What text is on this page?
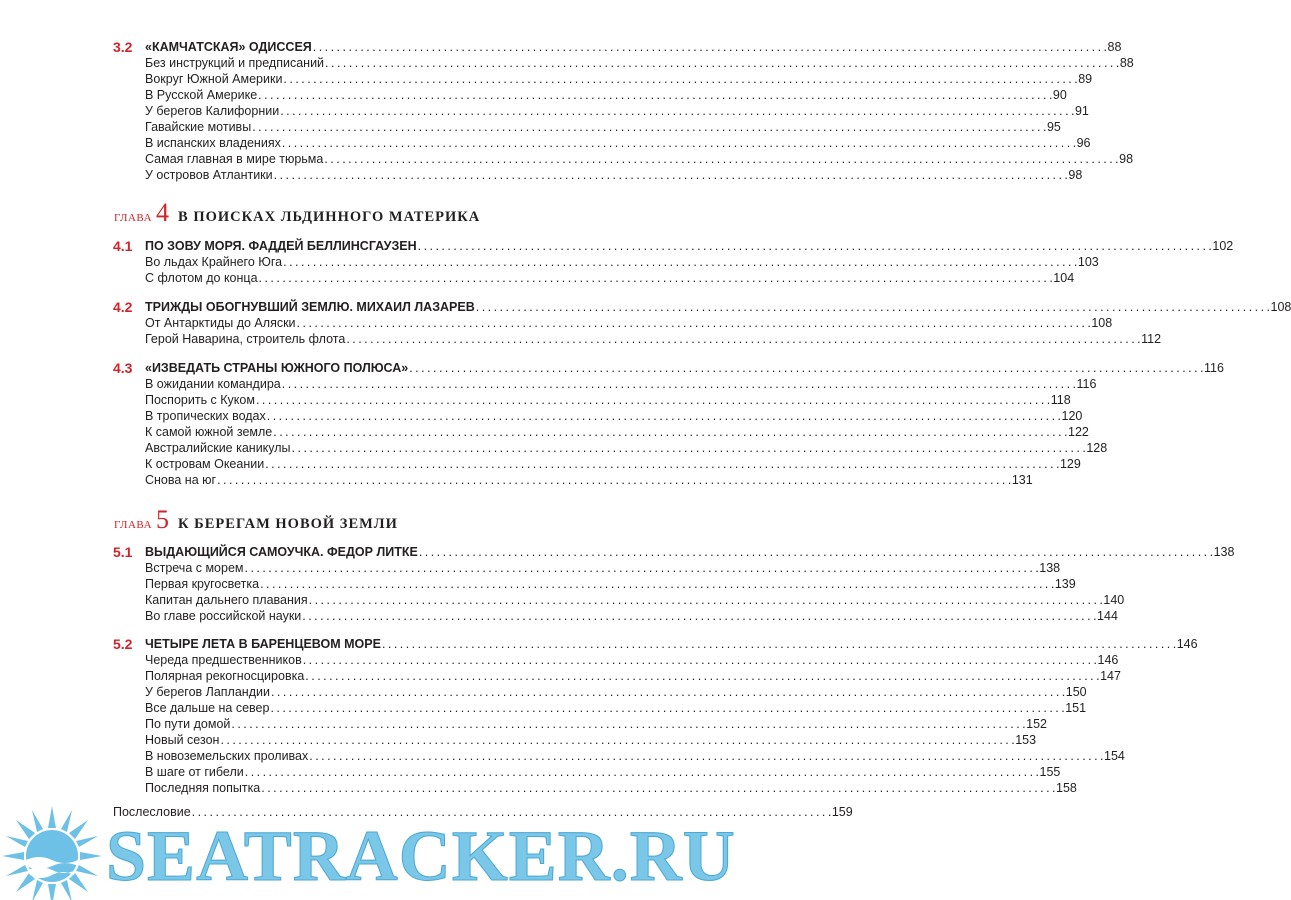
3.2 «КАМЧАТСКАЯ» ОДИССЕЯ . . .	88
Без инструкций и предписаний . . .	88
Вокруг Южной Америки . . .	89
В Русской Америке . . .	90
У берегов Калифорнии . . .	91
Гавайские мотивы . . .	95
В испанских владениях . . .	96
Самая главная в мире тюрьма . . .	98
У островов Атлантики . . .	98
ГЛАВА 4 В ПОИСКАХ ЛЬДИННОГО МАТЕРИКА
4.1 ПО ЗОВУ МОРЯ. ФАДДЕЙ БЕЛЛИНСГАУЗЕН . . .	102
Во льдах Крайнего Юга . . .	103
С флотом до конца . . .	104
4.2 ТРИЖДЫ ОБОГНУВШИЙ ЗЕМЛЮ. МИХАИЛ ЛАЗАРЕВ . . .	108
От Антарктиды до Аляски . . .	108
Герой Наварина, строитель флота . . .	112
4.3 «ИЗВЕДАТЬ СТРАНЫ ЮЖНОГО ПОЛЮСА» . . .	116
В ожидании командира . . .	116
Поспорить с Куком . . .	118
В тропических водах . . .	120
К самой южной земле . . .	122
Австралийские каникулы . . .	128
К островам Океании . . .	129
Снова на юг . . .	131
ГЛАВА 5 К БЕРЕГАМ НОВОЙ ЗЕМЛИ
5.1 ВЫДАЮЩИЙСЯ САМОУЧКА. ФЕДОР ЛИТКЕ . . .	138
Встреча с морем . . .	138
Первая кругосветка . . .	139
Капитан дальнего плавания . . .	140
Во главе российской науки . . .	144
5.2 ЧЕТЫРЕ ЛЕТА В БАРЕНЦЕВОМ МОРЕ . . .	146
Череда предшественников . . .	146
Полярная рекогносцировка . . .	147
У берегов Лапландии . . .	150
Все дальше на север . . .	151
По пути домой . . .	152
Новый сезон . . .	153
В новоземельских проливах . . .	154
В шаге от гибели . . .	155
Последняя попытка . . .	158
Послесловие . . .	159
SEATRACKER.RU
